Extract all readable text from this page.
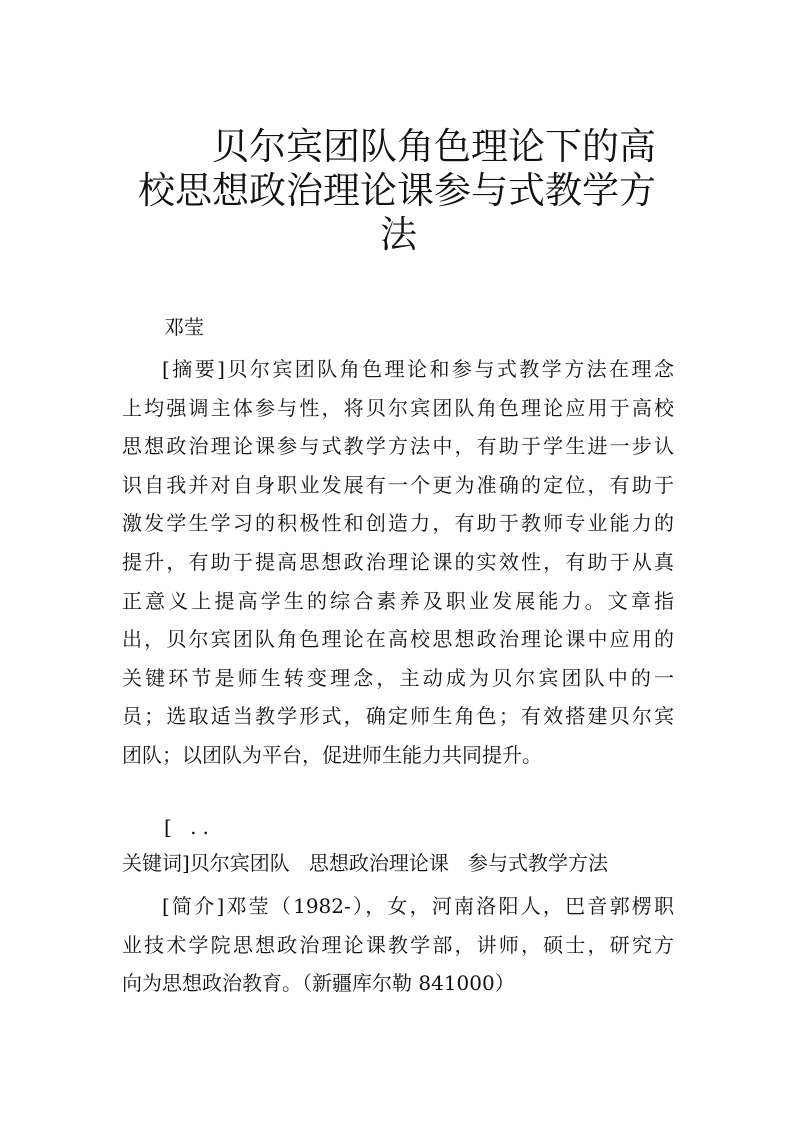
贝尔宾团队角色理论下的高
校思想政治理论课参与式教学方
法
邓莹
[摘要]贝尔宾团队角色理论和参与式教学方法在理念
上均强调主体参与性，将贝尔宾团队角色理论应用于高校
思想政治理论课参与式教学方法中，有助于学生进一步认
识自我并对自身职业发展有一个更为准确的定位，有助于
激发学生学习的积极性和创造力，有助于教师专业能力的
提升，有助于提高思想政治理论课的实效性，有助于从真
正意义上提高学生的综合素养及职业发展能力。文章指
出，贝尔宾团队角色理论在高校思想政治理论课中应用的
关键环节是师生转变理念，主动成为贝尔宾团队中的一
员；选取适当教学形式，确定师生角色；有效搭建贝尔宾
团队；以团队为平台，促进师生能力共同提升。
[ ..
关键词]贝尔宾团队   思想政治理论课   参与式教学方法
[简介]邓莹（1982-），女，河南洛阳人，巴音郭楞职
业技术学院思想政治理论课教学部，讲师，硕士，研究方
向为思想政治教育。（新疆库尔勒 841000）
